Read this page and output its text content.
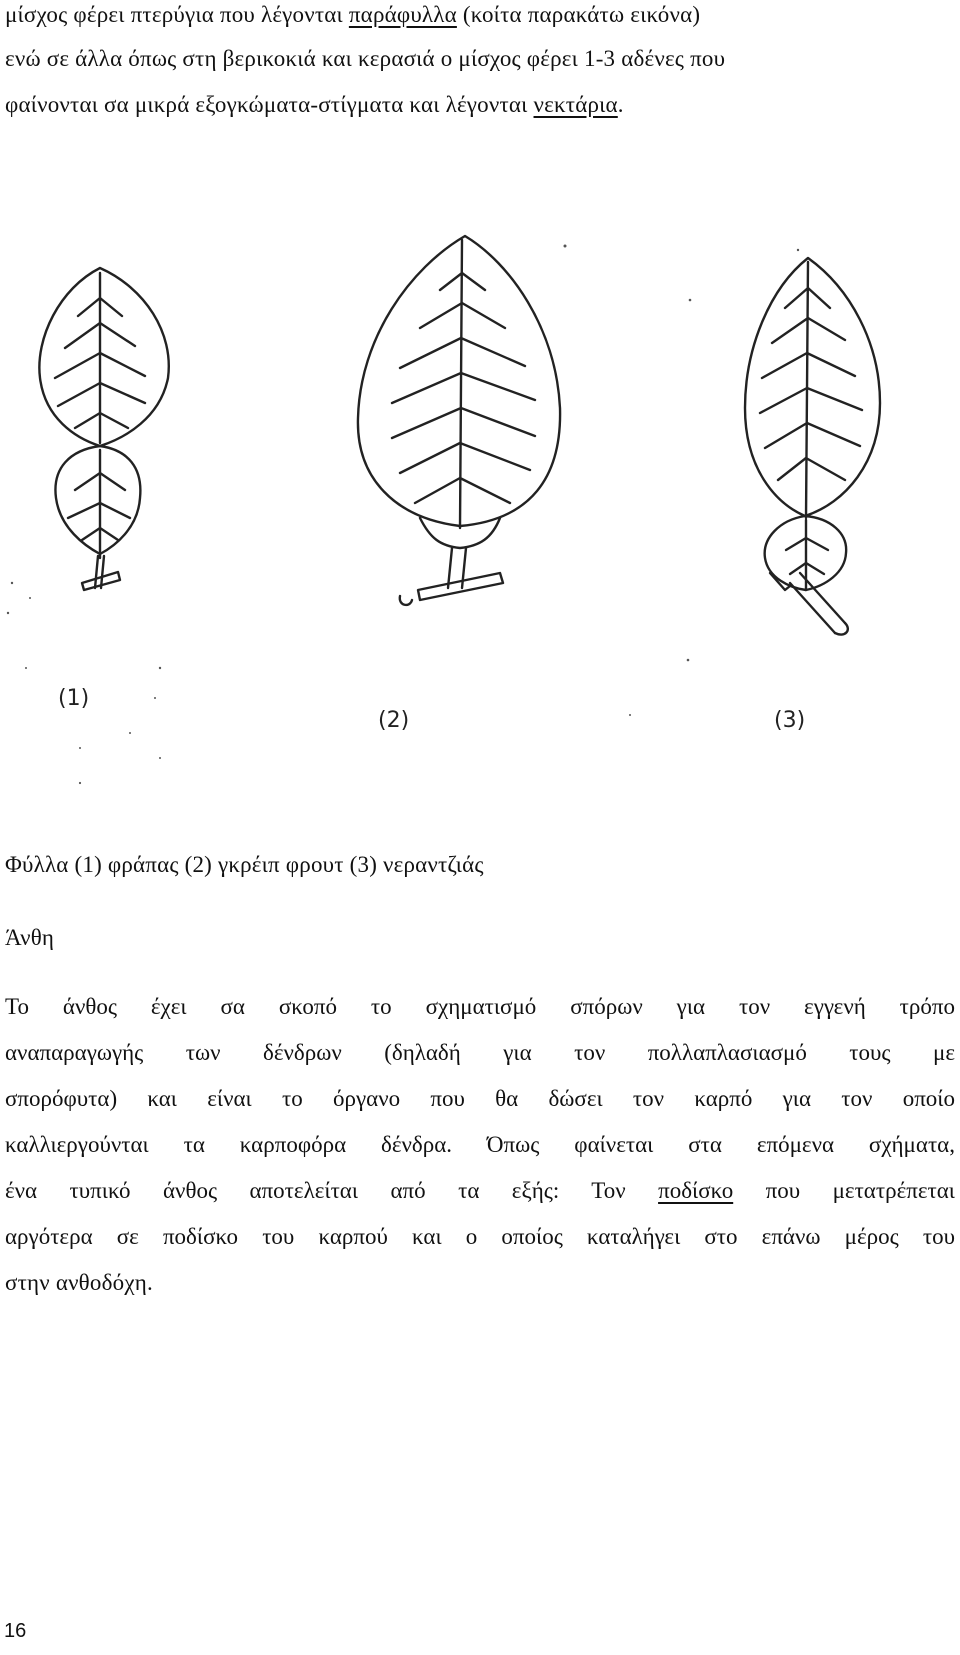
μίσχος φέρει πτερύγια που λέγονται παράφυλλα (κοίτα παρακάτω εικόνα)
ενώ σε άλλα όπως στη βερικοκιά και κερασιά ο μίσχος φέρει 1-3 αδένες που
φαίνονται σα μικρά εξογκώματα-στίγματα και λέγονται νεκτάρια.
(1)
(2)	(3)
Φύλλα (1) φράπας (2) γκρέιπ φρουτ (3) νεραντζιάς
Άνθη
Το άνθος έχει σα σκοπό το σχηματισμό σπόρων για τον εγγενή τρόπο
αναπαραγωγής των δένδρων (δηλαδή για τον πολλαπλασιασμό τους με
σπορόφυτα) και είναι το όργανο που θα δώσει τον καρπό για τον οποίο
καλλιεργούνται τα καρποφόρα δένδρα. Όπως φαίνεται στα επόμενα σχήματα,
ένα τυπικό άνθος αποτελείται από τα εξής: Τον ποδίσκο που μετατρέπεται
αργότερα σε ποδίσκο του καρπού και ο οποίος καταλήγει στο επάνω μέρος του
στην ανθοδόχη.
16
